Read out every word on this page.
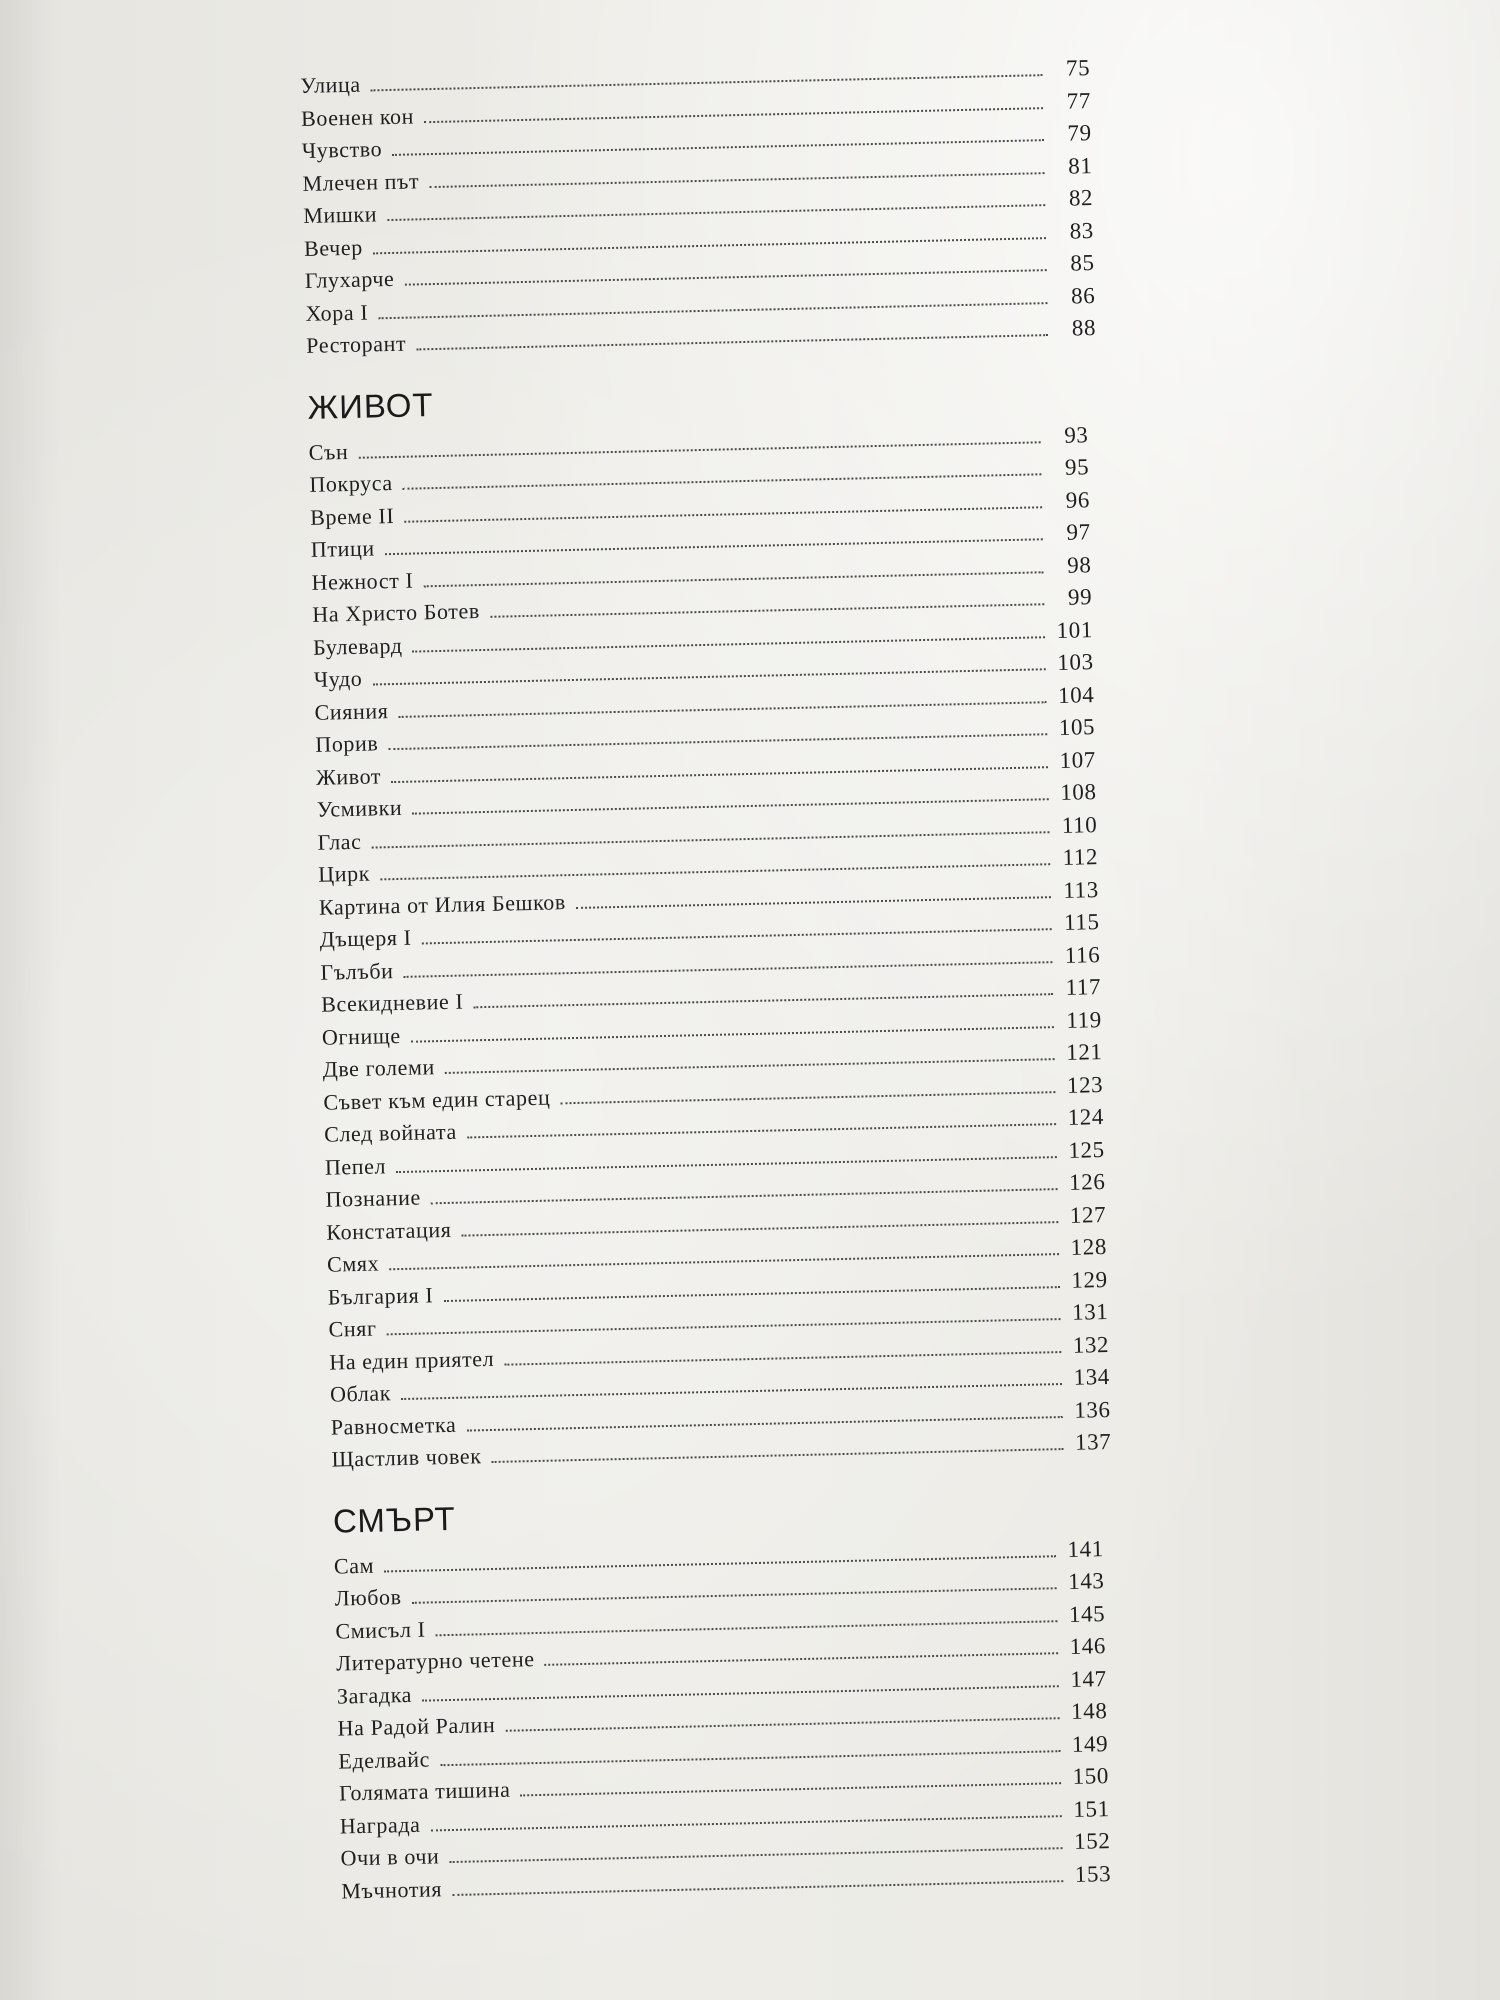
Улица
75
Военен кон
77
Чувство
79
Млечен път
81
Мишки
82
Вечер
83
Глухарче
85
Хора I
86
Ресторант
88
ЖИВОТ
Сън
93
Покруса
95
Време II
96
Птици
97
Нежност I
98
На Христо Ботев
99
Булевард
101
Чудо
103
Сияния
104
Порив
105
Живот
107
Усмивки
108
Глас
110
Цирк
112
Картина от Илия Бешков	113
Дъщеря I
115
Гълъби
116
Всекидневие I
117
Огнище
119
Две големи
121
Съвет към един старец	123
След войната
124
Пепел
125
Познание
126
Констатация
127
Смях
128
България I
129
Сняг
131
На един приятел
132
Облак
134
Равносметка
136
Щастлив човек
137
СМЪРТ
Сам
141
Любов
143
Смисъл I
145
Литературно четене
146
Загадка
147
На Радой Ралин
148
Еделвайс
149
Голямата тишина
150
Награда
151
Очи в очи
152
Мъчнотия
153
